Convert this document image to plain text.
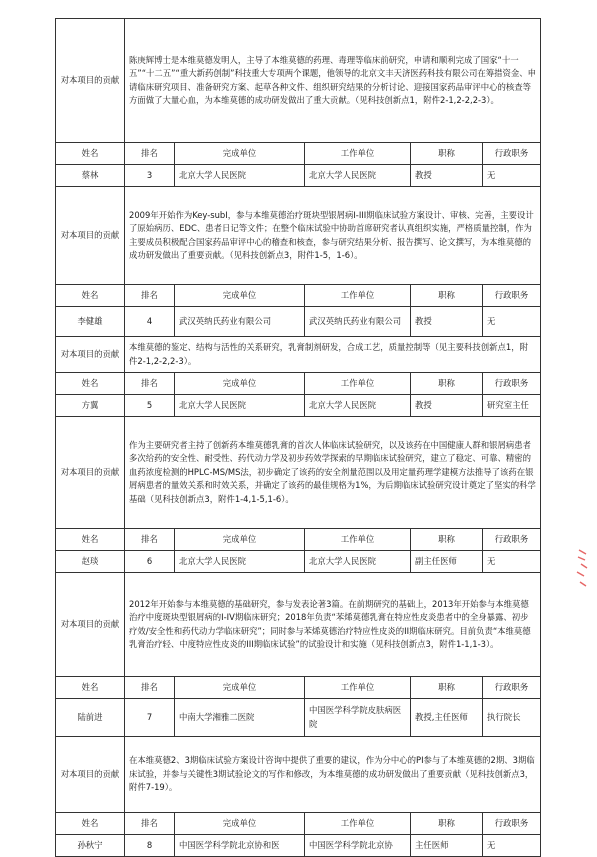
对本项目的贡献	陈庚辉博士是本维莫德发明人，主导了本维莫德的药理、毒理等临床前研究，申请和顺利完成了国家“十一五”“十二五”“重大新药创制”科技重大专项两个课题，他领导的北京文丰天济医药科技有限公司在筹措资金、申请临床研究项目、准备研究方案、起草各种文件、组织研究结果的分析讨论、迎接国家药品审评中心的核查等方面做了大量心血，为本维莫德的成功研发做出了重大贡献。（见科技创新点1，附件2-1,2-2,2-3）。				
姓名	排名	完成单位	工作单位	职称	行政职务
蔡林	3	北京大学人民医院	北京大学人民医院	教授	无
对本项目的贡献	2009年开始作为Key-subI，参与本维莫德治疗斑块型银屑病I-III期临床试验方案设计、审核、完善，主要设计了原始病历、EDC、患者日记等文件；在整个临床试验中协助首席研究者认真组织实施，严格质量控制，作为主要成员积极配合国家药品审评中心的稽查和核查，参与研究结果分析、报告撰写、论文撰写，为本维莫德的成功研发做出了重要贡献。（见科技创新点3，附件1-5，1-6）。				
姓名	排名	完成单位	工作单位	职称	行政职务
李健雄	4	武汉英纳氏药业有限公司	武汉英纳氏药业有限公司	教授	无
对本项目的贡献	本维莫德的鉴定、结构与活性的关系研究，乳膏制剂研发，合成工艺，质量控制等（见主要科技创新点1，附件2-1,2-2,2-3）。				
姓名	排名	完成单位	工作单位	职称	行政职务
方翼	5	北京大学人民医院	北京大学人民医院	教授	研究室主任
对本项目的贡献	作为主要研究者主持了创新药本维莫德乳膏的首次人体临床试验研究，以及该药在中国健康人群和银屑病患者多次给药的安全性、耐受性、药代动力学及初步药效学探索的早期临床试验研究，建立了稳定、可靠、精密的血药浓度检测的HPLC-MS/MS法，初步确定了该药的安全剂量范围以及用定量药理学建模方法推导了该药在银屑病患者的量效关系和时效关系，并确定了该药的最佳规格为1%，为后期临床试验研究设计奠定了坚实的科学基础（见科技创新点3，附件1-4,1-5,1-6）。				
姓名	排名	完成单位	工作单位	职称	行政职务
赵琰	6	北京大学人民医院	北京大学人民医院	副主任医师	无
对本项目的贡献	2012年开始参与本维莫德的基础研究，参与发表论著3篇。在前期研究的基础上，2013年开始参与本维莫德治疗中度斑块型银屑病的I-IV期临床研究；2018年负责“苯烯莫德乳膏在特应性皮炎患者中的全身暴露、初步疗效/安全性和药代动力学临床研究”；同时参与苯烯莫德治疗特应性皮炎的II期临床研究。目前负责“本维莫德乳膏治疗轻、中度特应性皮炎的III期临床试验”的试验设计和实施（见科技创新点3，附件1-1,1-3）。				
姓名	排名	完成单位	工作单位	职称	行政职务
陆前进	7	中南大学湘雅二医院	中国医学科学院皮肤病医院	教授,主任医师	执行院长
对本项目的贡献	在本维莫德2、3期临床试验方案设计咨询中提供了重要的建议，作为分中心的PI参与了本维莫德的2期、3期临床试验，并参与关键性3期试验论文的写作和修改，为本维莫德的成功研发做出了重要贡献（见科技创新点3，附件7-19）。				
姓名	排名	完成单位	工作单位	职称	行政职务
孙秋宁	8	中国医学科学院北京协和医	中国医学科学院北京协	主任医师	无
